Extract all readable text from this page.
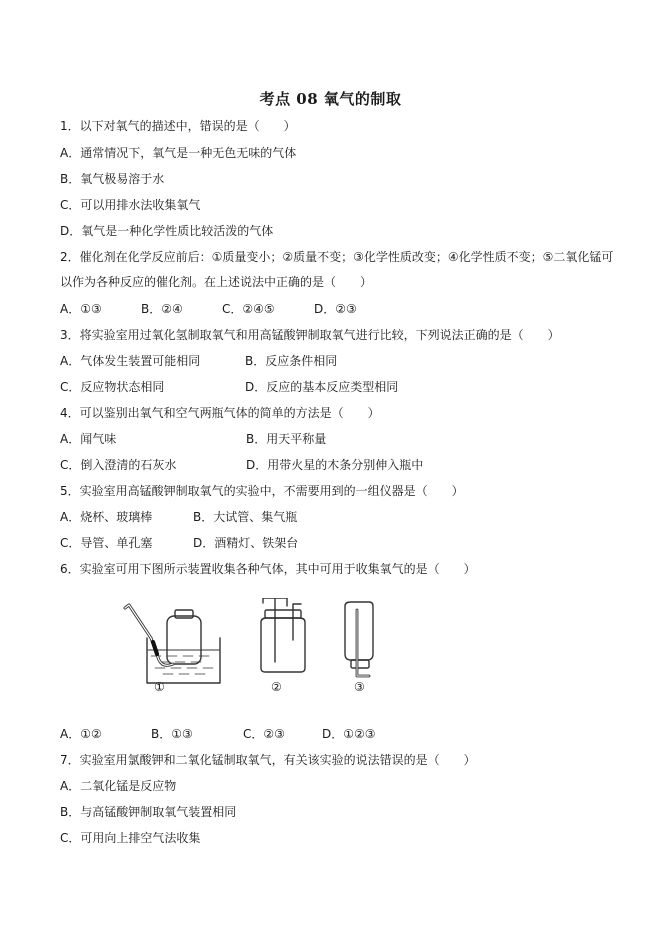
考点 08 氧气的制取
1．以下对氧气的描述中，错误的是（　　）
A．通常情况下，氧气是一种无色无味的气体
B．氧气极易溶于水
C．可以用排水法收集氧气
D．氧气是一种化学性质比较活泼的气体
2．催化剂在化学反应前后：①质量变小；②质量不变；③化学性质改变；④化学性质不变；⑤二氧化锰可
以作为各种反应的催化剂。在上述说法中正确的是（　　）
A．①③	B．②④	C．②④⑤	D．②③
3．将实验室用过氧化氢制取氧气和用高锰酸钾制取氧气进行比较，下列说法正确的是（　　）
A．气体发生装置可能相同	B．反应条件相同
C．反应物状态相同	D．反应的基本反应类型相同
4．可以鉴别出氧气和空气两瓶气体的简单的方法是（　　）
A．闻气味	B．用天平称量
C．倒入澄清的石灰水	D．用带火星的木条分别伸入瓶中
5．实验室用高锰酸钾制取氧气的实验中，不需要用到的一组仪器是（　　）
A．烧杯、玻璃棒	B．大试管、集气瓶
C．导管、单孔塞	D．酒精灯、铁架台
6．实验室可用下图所示装置收集各种气体，其中可用于收集氧气的是（　　）
①	②	③
A．①②	B．①③	C．②③	D．①②③
7．实验室用氯酸钾和二氧化锰制取氧气，有关该实验的说法错误的是（　　）
A．二氧化锰是反应物
B．与高锰酸钾制取氧气装置相同
C．可用向上排空气法收集
